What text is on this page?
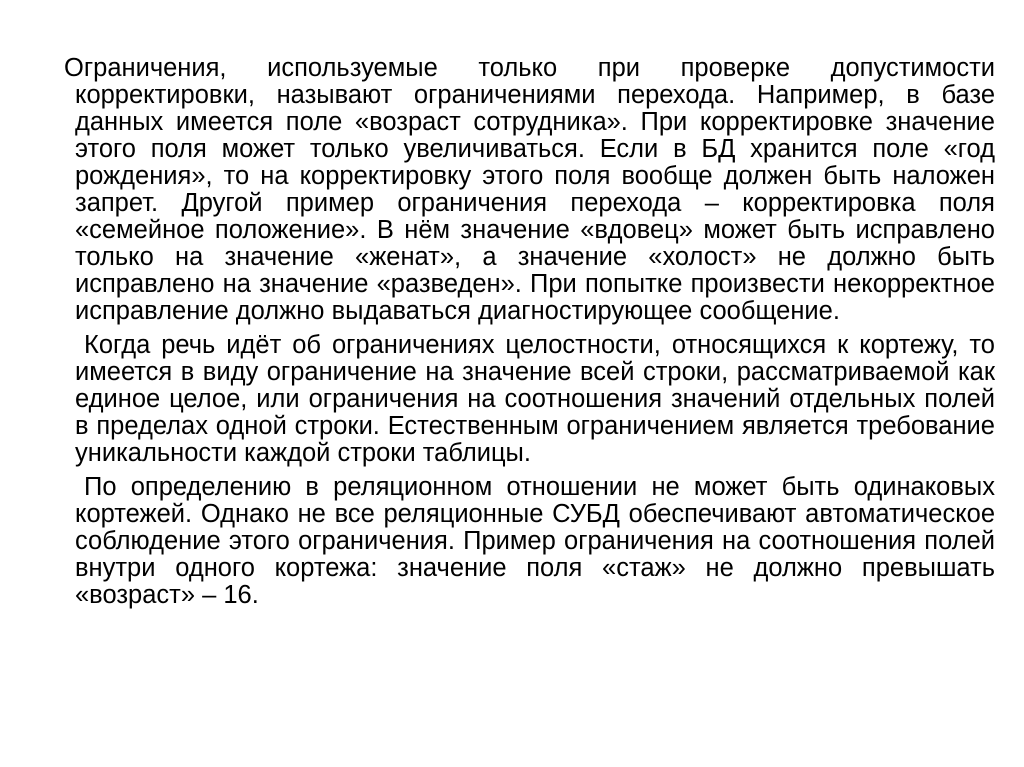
Ограничения, используемые только при проверке допустимости корректировки, называют ограничениями перехода. Например, в базе данных имеется поле «возраст сотрудника». При корректировке значение этого поля может только увеличиваться. Если в БД хранится поле «год рождения», то на корректировку этого поля вообще должен быть наложен запрет. Другой пример ограничения перехода – корректировка поля «семейное положение». В нём значение «вдовец» может быть исправлено только на значение «женат», а значение «холост» не должно быть исправлено на значение «разведен». При попытке произвести некорректное исправление должно выдаваться диагностирующее сообщение.

Когда речь идёт об ограничениях целостности, относящихся к кортежу, то имеется в виду ограничение на значение всей строки, рассматриваемой как единое целое, или ограничения на соотношения значений отдельных полей в пределах одной строки. Естественным ограничением является требование уникальности каждой строки таблицы.

По определению в реляционном отношении не может быть одинаковых кортежей. Однако не все реляционные СУБД обеспечивают автоматическое соблюдение этого ограничения. Пример ограничения на соотношения полей внутри одного кортежа: значение поля «стаж» не должно превышать «возраст» – 16.
